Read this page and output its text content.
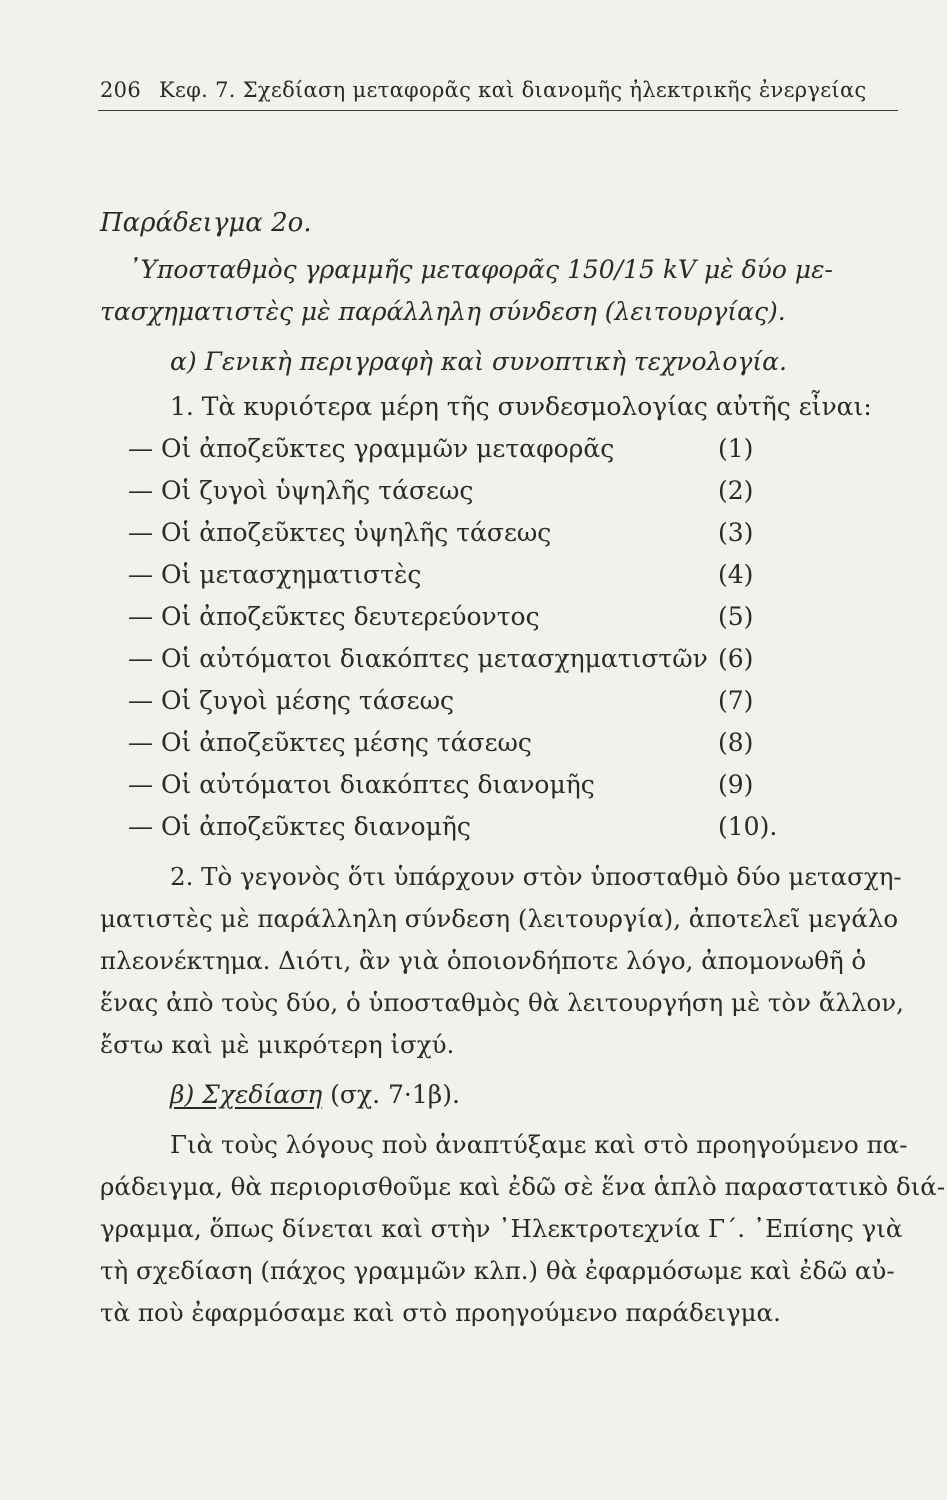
206 Κεφ. 7. Σχεδίαση μεταφορᾶς καὶ διανομῆς ἠλεκτρικῆς ἐνεργείας
Παράδειγμα 2ο.
᾿Υποσταθμὸς γραμμῆς μεταφορᾶς 150/15 kV μὲ δύο με-
τασχηματιστὲς μὲ παράλληλη σύνδεση (λειτουργίας).
α) Γενικὴ περιγραφὴ καὶ συνοπτικὴ τεχνολογία.
1. Τὰ κυριότερα μέρη τῆς συνδεσμολογίας αὐτῆς εἶναι:
— Οἱ ἀποζεῦκτες γραμμῶν μεταφορᾶς	(1)
— Οἱ ζυγοὶ ὑψηλῆς τάσεως	(2)
— Οἱ ἀποζεῦκτες ὑψηλῆς τάσεως	(3)
— Οἱ μετασχηματιστὲς	(4)
— Οἱ ἀποζεῦκτες δευτερεύοντος	(5)
— Οἱ αὐτόματοι διακόπτες μετασχηματιστῶν (6)
— Οἱ ζυγοὶ μέσης τάσεως	(7)
— Οἱ ἀποζεῦκτες μέσης τάσεως	(8)
— Οἱ αὐτόματοι διακόπτες διανομῆς	(9)
— Οἱ ἀποζεῦκτες διανομῆς	(10).
2. Τὸ γεγονὸς ὅτι ὑπάρχουν στὸν ὑποσταθμὸ δύο μετασχη-
ματιστὲς μὲ παράλληλη σύνδεση (λειτουργία), ἀποτελεῖ μεγάλο
πλεονέκτημα. Διότι, ἂν γιὰ ὁποιονδήποτε λόγο, ἀπομονωθῆ ὁ
ἕνας ἀπὸ τοὺς δύο, ὁ ὑποσταθμὸς θὰ λειτουργήση μὲ τὸν ἄλλον,
ἔστω καὶ μὲ μικρότερη ἰσχύ.
β) Σχεδίαση (σχ. 7·1β).
Γιὰ τοὺς λόγους ποὺ ἀναπτύξαμε καὶ στὸ προηγούμενο πα-
ράδειγμα, θὰ περιορισθοῦμε καὶ ἐδῶ σὲ ἕνα ἁπλὸ παραστατικὸ διά-
γραμμα, ὅπως δίνεται καὶ στὴν ᾿Ηλεκτροτεχνία Γ΄. ᾿Επίσης γιὰ
τὴ σχεδίαση (πάχος γραμμῶν κλπ.) θὰ ἐφαρμόσωμε καὶ ἐδῶ αὐ-
τὰ ποὺ ἐφαρμόσαμε καὶ στὸ προηγούμενο παράδειγμα.
